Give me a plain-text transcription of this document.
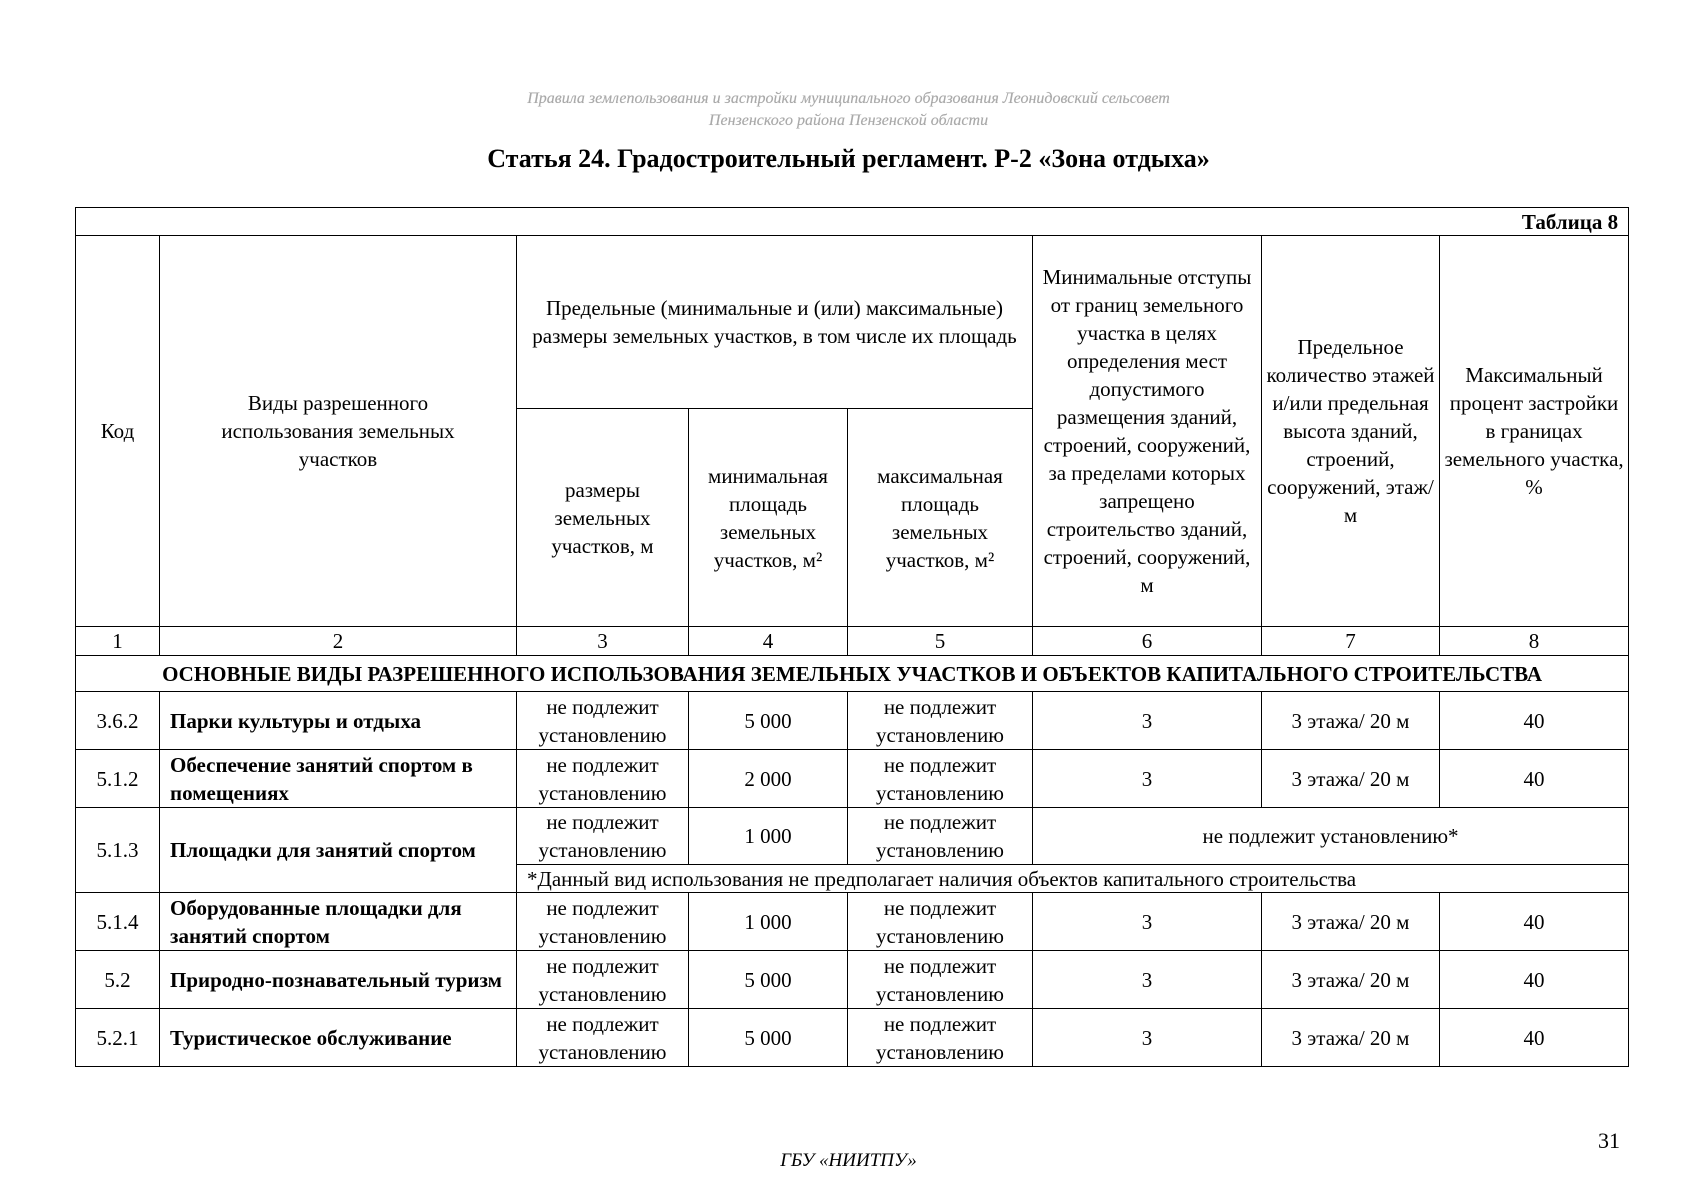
Правила землепользования и застройки муниципального образования Леонидовский сельсовет
Пензенского района Пензенской области
Статья 24. Градостроительный регламент. Р-2 «Зона отдыха»
Таблица 8							
Код	Виды разрешенного использования земельных участков	Предельные (минимальные и (или) максимальные) размеры земельных участков, в том числе их площадь			Минимальные отступы от границ земельного участка в целях определения мест допустимого размещения зданий, строений, сооружений, за пределами которых запрещено строительство зданий, строений, сооружений, м	Предельное количество этажей и/или предельная высота зданий, строений, сооружений, этаж/м	Максимальный процент застройки в границах земельного участка, %
		размеры земельных участков, м	минимальная площадь земельных участков, м²	максимальная площадь земельных участков, м²			
1	2	3	4	5	6	7	8
ОСНОВНЫЕ ВИДЫ РАЗРЕШЕННОГО ИСПОЛЬЗОВАНИЯ ЗЕМЕЛЬНЫХ УЧАСТКОВ И ОБЪЕКТОВ КАПИТАЛЬНОГО СТРОИТЕЛЬСТВА							
3.6.2	Парки культуры и отдыха	не подлежит установлению	5 000	не подлежит установлению	3	3 этажа/ 20 м	40
5.1.2	Обеспечение занятий спортом в помещениях	не подлежит установлению	2 000	не подлежит установлению	3	3 этажа/ 20 м	40
5.1.3	Площадки для занятий спортом	не подлежит установлению	1 000	не подлежит установлению	не подлежит установлению*		
		*Данный вид использования не предполагает наличия объектов капитального строительства					
5.1.4	Оборудованные площадки для занятий спортом	не подлежит установлению	1 000	не подлежит установлению	3	3 этажа/ 20 м	40
5.2	Природно-познавательный туризм	не подлежит установлению	5 000	не подлежит установлению	3	3 этажа/ 20 м	40
5.2.1	Туристическое обслуживание	не подлежит установлению	5 000	не подлежит установлению	3	3 этажа/ 20 м	40
31
ГБУ «НИИТПУ»
